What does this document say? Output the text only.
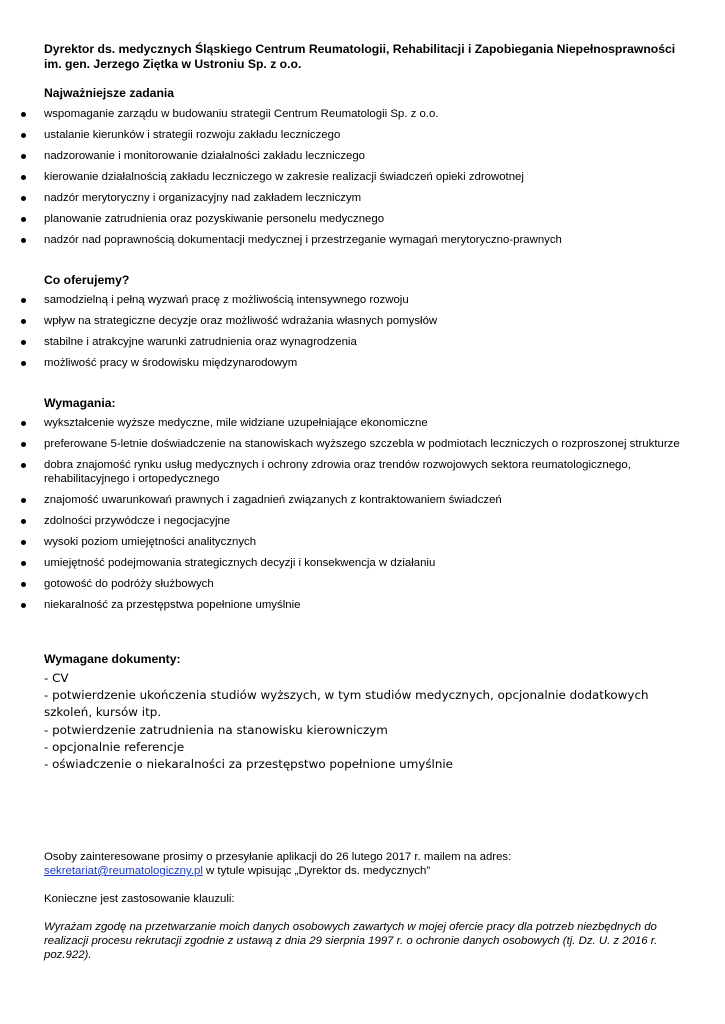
Dyrektor ds. medycznych Śląskiego Centrum Reumatologii, Rehabilitacji i Zapobiegania Niepełnosprawności im. gen. Jerzego Ziętka w Ustroniu Sp. z o.o.
Najważniejsze zadania
wspomaganie zarządu w budowaniu strategii Centrum Reumatologii Sp. z o.o.
ustalanie kierunków i strategii rozwoju zakładu leczniczego
nadzorowanie i monitorowanie działalności zakładu leczniczego
kierowanie działalnością zakładu leczniczego w zakresie realizacji świadczeń opieki zdrowotnej
nadzór merytoryczny i organizacyjny nad zakładem leczniczym
planowanie zatrudnienia oraz pozyskiwanie personelu medycznego
nadzór nad poprawnością dokumentacji medycznej i przestrzeganie wymagań merytoryczno-prawnych
Co oferujemy?
samodzielną i pełną wyzwań pracę z możliwością intensywnego rozwoju
wpływ na strategiczne decyzje oraz możliwość wdrażania własnych pomysłów
stabilne i atrakcyjne warunki zatrudnienia oraz wynagrodzenia
możliwość pracy w środowisku międzynarodowym
Wymagania:
wykształcenie wyższe medyczne, mile widziane uzupełniające ekonomiczne
preferowane 5-letnie doświadczenie na stanowiskach wyższego szczebla w podmiotach leczniczych o rozproszonej strukturze
dobra znajomość rynku usług medycznych i ochrony zdrowia oraz trendów rozwojowych sektora reumatologicznego, rehabilitacyjnego i ortopedycznego
znajomość uwarunkowań prawnych i zagadnień związanych z kontraktowaniem świadczeń
zdolności przywódcze i negocjacyjne
wysoki poziom umiejętności analitycznych
umiejętność podejmowania strategicznych decyzji i konsekwencja w działaniu
gotowość do podróży służbowych
niekaralność za przestępstwa popełnione umyślnie
Wymagane dokumenty:
- CV
- potwierdzenie ukończenia studiów wyższych, w tym studiów medycznych, opcjonalnie dodatkowych szkoleń, kursów itp.
- potwierdzenie zatrudnienia na stanowisku kierowniczym
- opcjonalnie referencje
- oświadczenie o niekaralności za przestępstwo popełnione umyślnie
Osoby zainteresowane prosimy o przesyłanie aplikacji do 26 lutego 2017 r. mailem na adres:
sekretariat@reumatologiczny.pl w tytule wpisując „Dyrektor ds. medycznych”
Konieczne jest zastosowanie klauzuli:
Wyrażam zgodę na przetwarzanie moich danych osobowych zawartych w mojej ofercie pracy dla potrzeb niezbędnych do realizacji procesu rekrutacji zgodnie z ustawą z dnia 29 sierpnia 1997 r. o ochronie danych osobowych (tj. Dz. U. z 2016 r. poz.922).
